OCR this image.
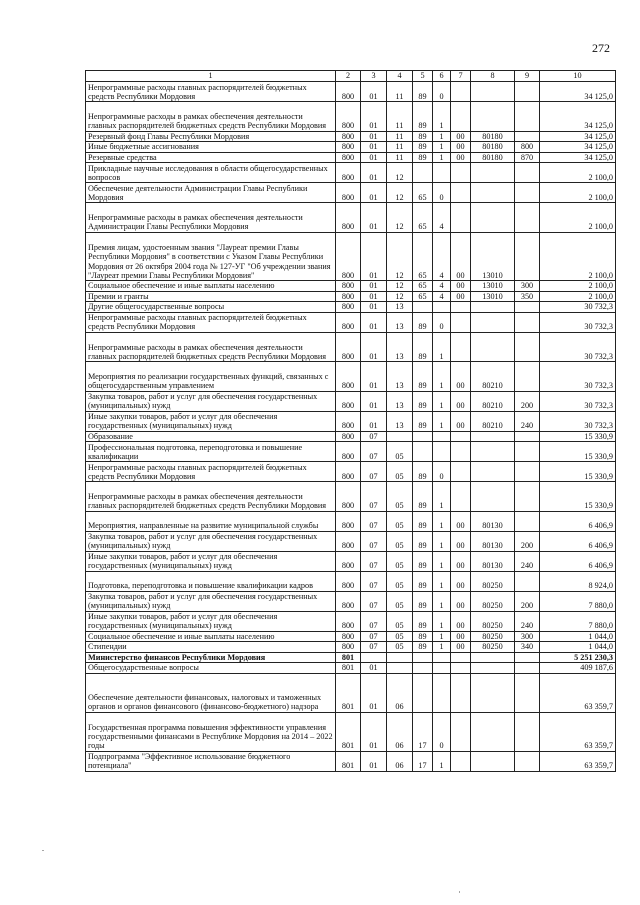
272
1	2	3	4	5	6	7	8	9	10
Непрограммные расходы главных распорядителей бюджетных средств Республики Мордовия	800	01	11	89	0				34 125,0
Непрограммные расходы в рамках обеспечения деятельности главных распорядителей бюджетных средств Республики Мордовия	800	01	11	89	1				34 125,0
Резервный фонд Главы Республики Мордовия	800	01	11	89	1	00	80180		34 125,0
Иные бюджетные ассигнования	800	01	11	89	1	00	80180	800	34 125,0
Резервные средства	800	01	11	89	1	00	80180	870	34 125,0
Прикладные научные исследования в области общегосударственных вопросов	800	01	12						2 100,0
Обеспечение деятельности Администрации Главы Республики Мордовия	800	01	12	65	0				2 100,0
Непрограммные расходы в рамках обеспечения деятельности Администрации Главы Республики Мордовия	800	01	12	65	4				2 100,0
Премия лицам, удостоенным звания "Лауреат премии Главы Республики Мордовия" в соответствии с Указом Главы Республики Мордовия от 26 октября 2004 года № 127-УГ "Об учреждении звания "Лауреат премии Главы Республики Мордовия"	800	01	12	65	4	00	13010		2 100,0
Социальное обеспечение и иные выплаты населению	800	01	12	65	4	00	13010	300	2 100,0
Премии и гранты	800	01	12	65	4	00	13010	350	2 100,0
Другие общегосударственные вопросы	800	01	13						30 732,3
Непрограммные расходы главных распорядителей бюджетных средств Республики Мордовия	800	01	13	89	0				30 732,3
Непрограммные расходы в рамках обеспечения деятельности главных распорядителей бюджетных средств Республики Мордовия	800	01	13	89	1				30 732,3
Мероприятия по реализации государственных функций, связанных с общегосударственным управлением	800	01	13	89	1	00	80210		30 732,3
Закупка товаров, работ и услуг для обеспечения государственных (муниципальных) нужд	800	01	13	89	1	00	80210	200	30 732,3
Иные закупки товаров, работ и услуг для обеспечения государственных (муниципальных) нужд	800	01	13	89	1	00	80210	240	30 732,3
Образование	800	07							15 330,9
Профессиональная подготовка, переподготовка и повышение квалификации	800	07	05						15 330,9
Непрограммные расходы главных распорядителей бюджетных средств Республики Мордовия	800	07	05	89	0				15 330,9
Непрограммные расходы в рамках обеспечения деятельности главных распорядителей бюджетных средств Республики Мордовия	800	07	05	89	1				15 330,9
Мероприятия, направленные на развитие муниципальной службы	800	07	05	89	1	00	80130		6 406,9
Закупка товаров, работ и услуг для обеспечения государственных (муниципальных) нужд	800	07	05	89	1	00	80130	200	6 406,9
Иные закупки товаров, работ и услуг для обеспечения государственных (муниципальных) нужд	800	07	05	89	1	00	80130	240	6 406,9
Подготовка, переподготовка и повышение квалификации кадров	800	07	05	89	1	00	80250		8 924,0
Закупка товаров, работ и услуг для обеспечения государственных (муниципальных) нужд	800	07	05	89	1	00	80250	200	7 880,0
Иные закупки товаров, работ и услуг для обеспечения государственных (муниципальных) нужд	800	07	05	89	1	00	80250	240	7 880,0
Социальное обеспечение и иные выплаты населению	800	07	05	89	1	00	80250	300	1 044,0
Стипендии	800	07	05	89	1	00	80250	340	1 044,0
Министерство финансов Республики Мордовия	801								5 251 230,3
Общегосударственные вопросы	801	01							409 187,6
Обеспечение деятельности финансовых, налоговых и таможенных органов и органов финансового (финансово-бюджетного) надзора	801	01	06						63 359,7
Государственная программа повышения эффективности управления государственными финансами в Республике Мордовия на 2014 – 2022 годы	801	01	06	17	0				63 359,7
Подпрограмма "Эффективное использование бюджетного потенциала"	801	01	06	17	1				63 359,7
